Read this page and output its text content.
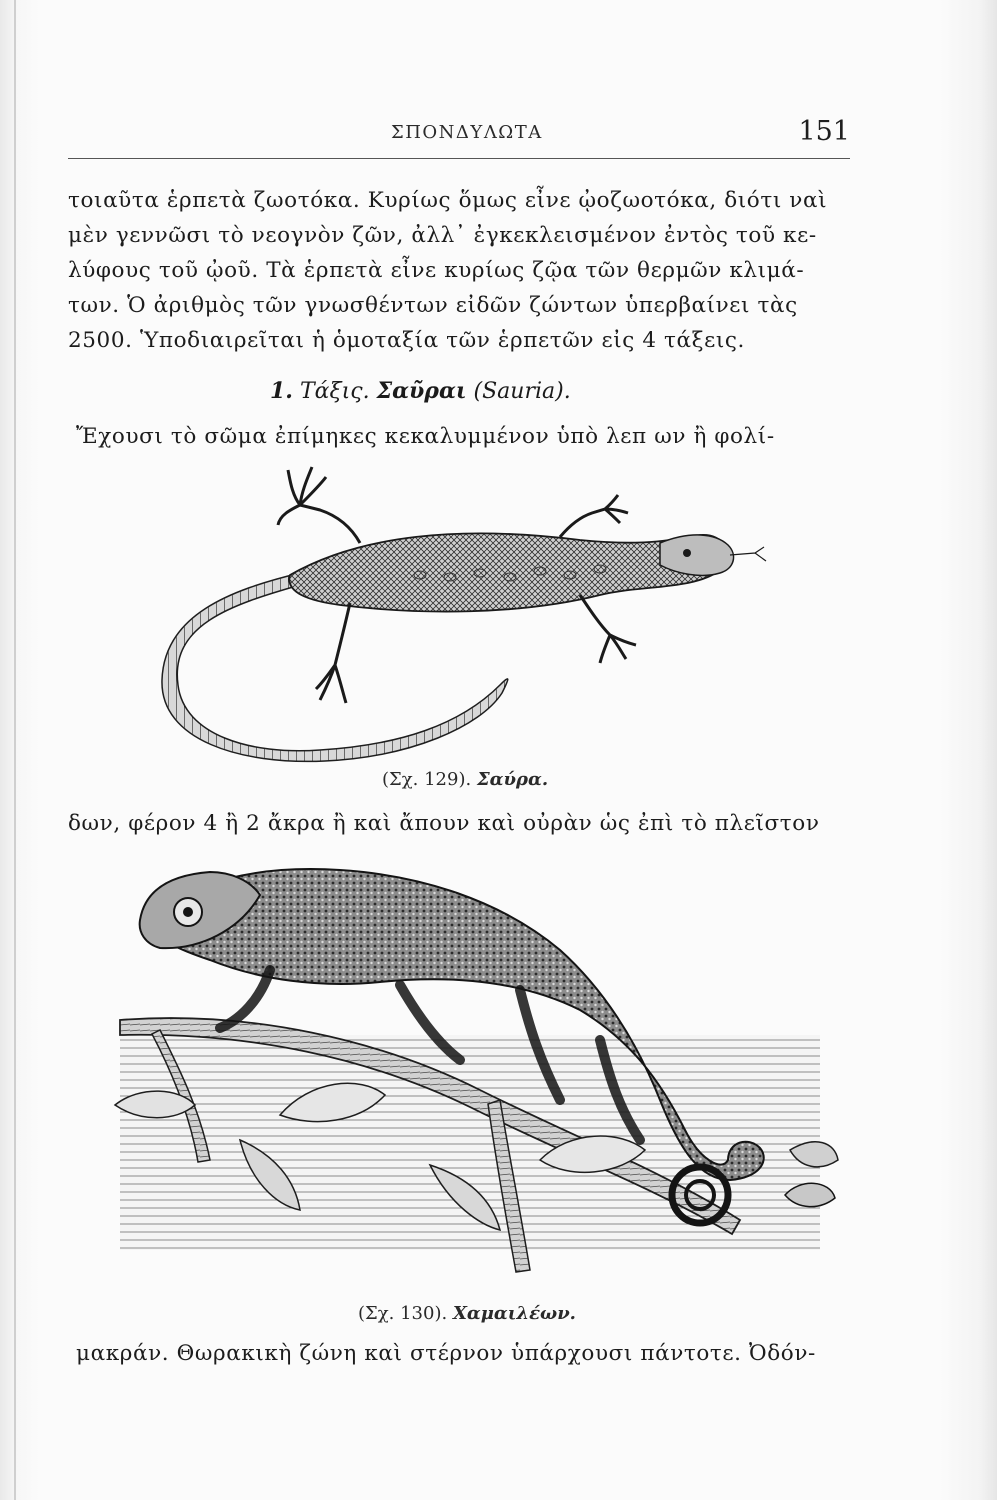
ΣΠΟΝΔΥΛΩΤΑ	151
τοιαῦτα ἑρπετὰ ζωοτόκα. Κυρίως ὅμως εἶνε ᾠοζωοτόκα, διότι ναὶ
μὲν γεννῶσι τὸ νεογνὸν ζῶν, ἀλλ᾽ ἐγκεκλεισμένον ἐντὸς τοῦ κε-
λύφους τοῦ ᾠοῦ. Τὰ ἑρπετὰ εἶνε κυρίως ζῷα τῶν θερμῶν κλιμά-
των. Ὁ ἀριθμὸς τῶν γνωσθέντων εἰδῶν ζώντων ὑπερβαίνει τὰς
2500. Ὑποδιαιρεῖται ἡ ὁμοταξία τῶν ἑρπετῶν εἰς 4 τάξεις.
1. Τάξις. Σαῦραι (Sauria).
Ἔχουσι τὸ σῶμα ἐπίμηκες κεκαλυμμένον ὑπὸ λεπ ων ἢ φολί-
(Σχ. 129). Σαύρα.
δων, φέρον 4 ἢ 2 ἄκρα ἢ καὶ ἄπουν καὶ οὐρὰν ὡς ἐπὶ τὸ πλεῖστον
(Σχ. 130). Χαμαιλέων.
μακράν. Θωρακικὴ ζώνη καὶ στέρνον ὑπάρχουσι πάντοτε. Ὀδόν-
